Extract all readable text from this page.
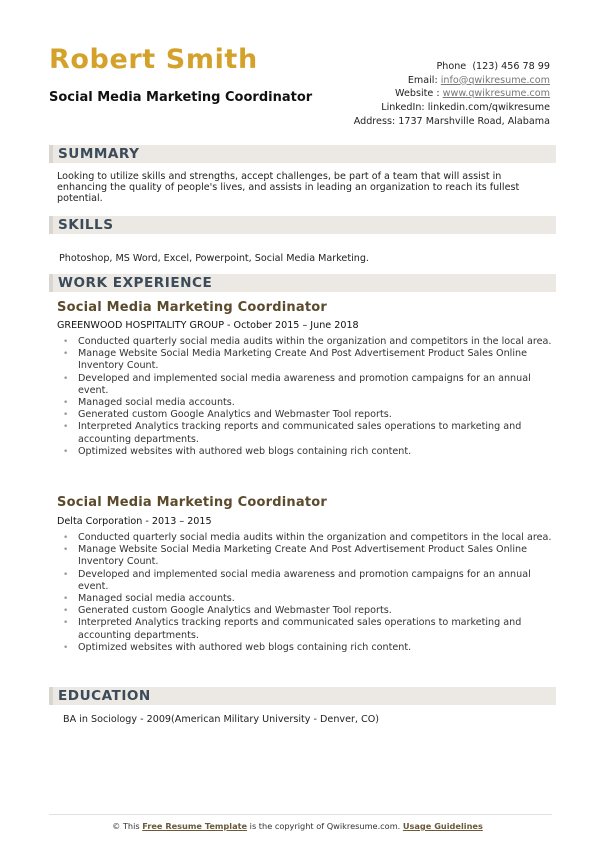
Robert Smith
Social Media Marketing Coordinator
Phone (123) 456 78 99
Email: info@qwikresume.com
Website : www.qwikresume.com
LinkedIn: linkedin.com/qwikresume
Address: 1737 Marshville Road, Alabama
SUMMARY

Looking to utilize skills and strengths, accept challenges, be part of a team that will assist in enhancing the quality of people's lives, and assists in leading an organization to reach its fullest potential.

SKILLS

Photoshop, MS Word, Excel, Powerpoint, Social Media Marketing.

WORK EXPERIENCE
Social Media Marketing Coordinator

GREENWOOD HOSPITALITY GROUP - October 2015 – June 2018

• Conducted quarterly social media audits within the organization and competitors in the local area.
• Manage Website Social Media Marketing Create And Post Advertisement Product Sales Online Inventory Count.
• Developed and implemented social media awareness and promotion campaigns for an annual event.
• Managed social media accounts.
• Generated custom Google Analytics and Webmaster Tool reports.
• Interpreted Analytics tracking reports and communicated sales operations to marketing and accounting departments.
• Optimized websites with authored web blogs containing rich content.
Social Media Marketing Coordinator

Delta Corporation - 2013 – 2015

• Conducted quarterly social media audits within the organization and competitors in the local area.
• Manage Website Social Media Marketing Create And Post Advertisement Product Sales Online Inventory Count.
• Developed and implemented social media awareness and promotion campaigns for an annual event.
• Managed social media accounts.
• Generated custom Google Analytics and Webmaster Tool reports.
• Interpreted Analytics tracking reports and communicated sales operations to marketing and accounting departments.
• Optimized websites with authored web blogs containing rich content.
EDUCATION

BA in Sociology - 2009(American Military University - Denver, CO)

© This Free Resume Template is the copyright of Qwikresume.com. Usage Guidelines
